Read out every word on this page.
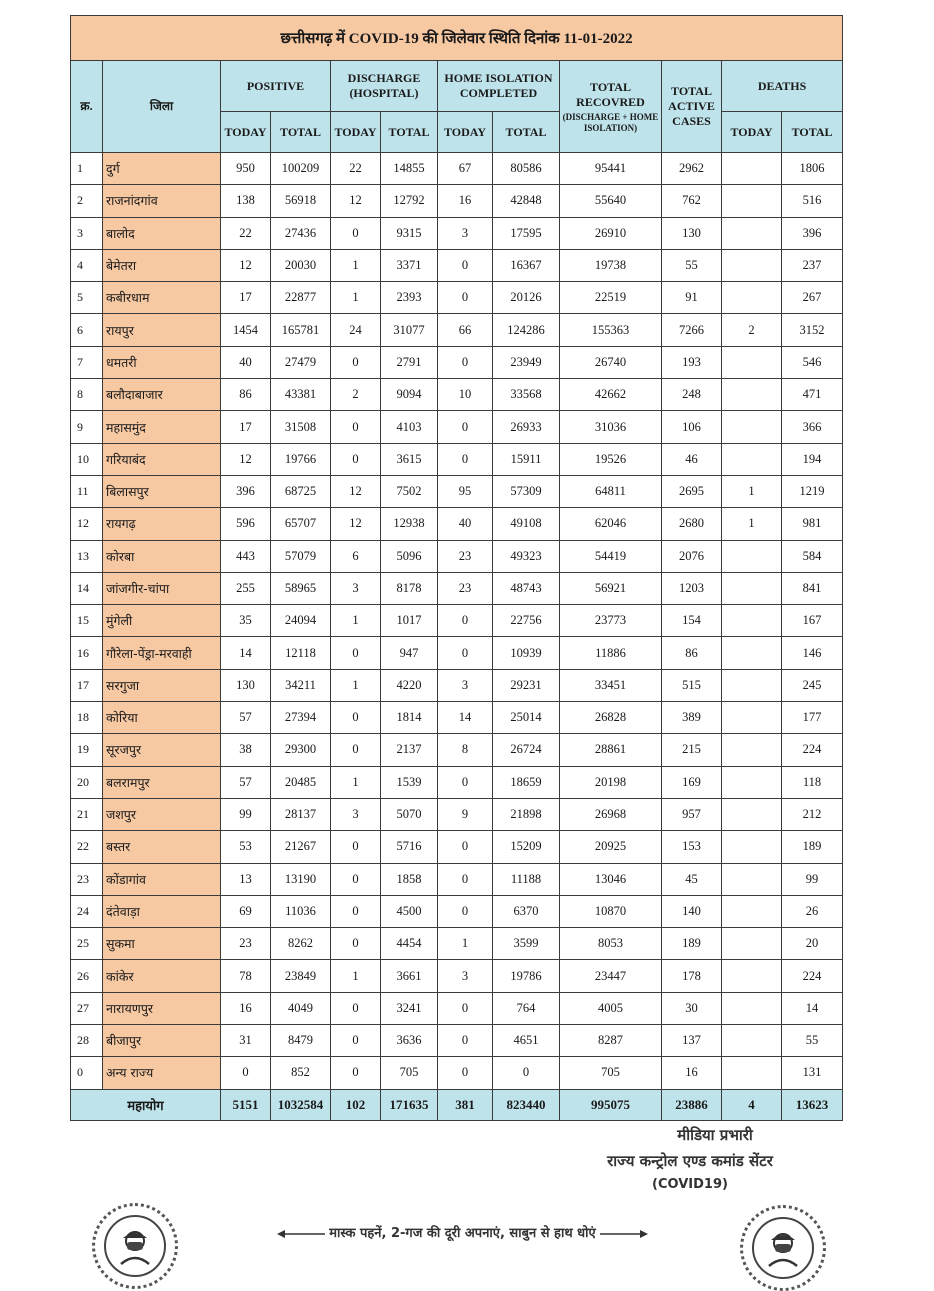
छत्तीसगढ़ में COVID-19 की जिलेवार स्थिति दिनांक 11-01-2022											
क्र.	जिला	POSITIVE		DISCHARGE (HOSPITAL)		HOME ISOLATION COMPLETED		TOTAL RECOVRED
(DISCHARGE + HOME ISOLATION)	TOTAL ACTIVE CASES	DEATHS	
		TODAY	TOTAL	TODAY	TOTAL	TODAY	TOTAL			TODAY	TOTAL
1	दुर्ग	950	100209	22	14855	67	80586	95441	2962		1806
2	राजनांदगांव	138	56918	12	12792	16	42848	55640	762		516
3	बालोद	22	27436	0	9315	3	17595	26910	130		396
4	बेमेतरा	12	20030	1	3371	0	16367	19738	55		237
5	कबीरधाम	17	22877	1	2393	0	20126	22519	91		267
6	रायपुर	1454	165781	24	31077	66	124286	155363	7266	2	3152
7	धमतरी	40	27479	0	2791	0	23949	26740	193		546
8	बलौदाबाजार	86	43381	2	9094	10	33568	42662	248		471
9	महासमुंद	17	31508	0	4103	0	26933	31036	106		366
10	गरियाबंद	12	19766	0	3615	0	15911	19526	46		194
11	बिलासपुर	396	68725	12	7502	95	57309	64811	2695	1	1219
12	रायगढ़	596	65707	12	12938	40	49108	62046	2680	1	981
13	कोरबा	443	57079	6	5096	23	49323	54419	2076		584
14	जांजगीर-चांपा	255	58965	3	8178	23	48743	56921	1203		841
15	मुंगेली	35	24094	1	1017	0	22756	23773	154		167
16	गौरेला-पेंड्रा-मरवाही	14	12118	0	947	0	10939	11886	86		146
17	सरगुजा	130	34211	1	4220	3	29231	33451	515		245
18	कोरिया	57	27394	0	1814	14	25014	26828	389		177
19	सूरजपुर	38	29300	0	2137	8	26724	28861	215		224
20	बलरामपुर	57	20485	1	1539	0	18659	20198	169		118
21	जशपुर	99	28137	3	5070	9	21898	26968	957		212
22	बस्तर	53	21267	0	5716	0	15209	20925	153		189
23	कोंडागांव	13	13190	0	1858	0	11188	13046	45		99
24	दंतेवाड़ा	69	11036	0	4500	0	6370	10870	140		26
25	सुकमा	23	8262	0	4454	1	3599	8053	189		20
26	कांकेर	78	23849	1	3661	3	19786	23447	178		224
27	नारायणपुर	16	4049	0	3241	0	764	4005	30		14
28	बीजापुर	31	8479	0	3636	0	4651	8287	137		55
0	अन्य राज्य	0	852	0	705	0	0	705	16		131
महायोग		5151	1032584	102	171635	381	823440	995075	23886	4	13623
मीडिया प्रभारी
राज्य कन्ट्रोल एण्ड कमांड सेंटर
(COVID19)
मास्क पहनें, 2-गज की दूरी अपनाएं, साबुन से हाथ धोएं
